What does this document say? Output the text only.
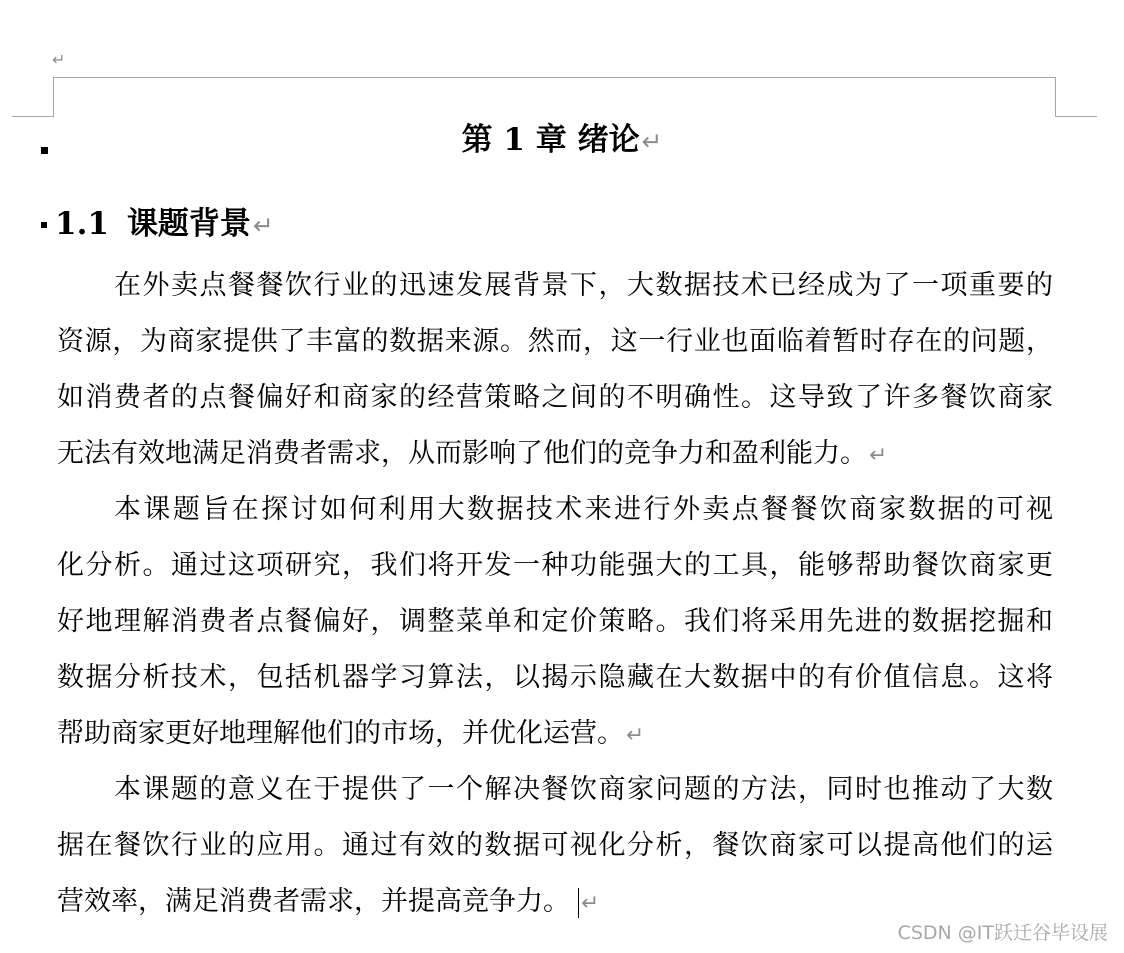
↵
第 1 章 绪论↵
1.1 课题背景↵
在外卖点餐餐饮行业的迅速发展背景下，大数据技术已经成为了一项重要的
资源，为商家提供了丰富的数据来源。然而，这一行业也面临着暂时存在的问题，
如消费者的点餐偏好和商家的经营策略之间的不明确性。这导致了许多餐饮商家
无法有效地满足消费者需求，从而影响了他们的竞争力和盈利能力。↵
本课题旨在探讨如何利用大数据技术来进行外卖点餐餐饮商家数据的可视
化分析。通过这项研究，我们将开发一种功能强大的工具，能够帮助餐饮商家更
好地理解消费者点餐偏好，调整菜单和定价策略。我们将采用先进的数据挖掘和
数据分析技术，包括机器学习算法，以揭示隐藏在大数据中的有价值信息。这将
帮助商家更好地理解他们的市场，并优化运营。↵
本课题的意义在于提供了一个解决餐饮商家问题的方法，同时也推动了大数
据在餐饮行业的应用。通过有效的数据可视化分析，餐饮商家可以提高他们的运
营效率，满足消费者需求，并提高竞争力。 ↵
CSDN @IT跃迁谷毕设展
